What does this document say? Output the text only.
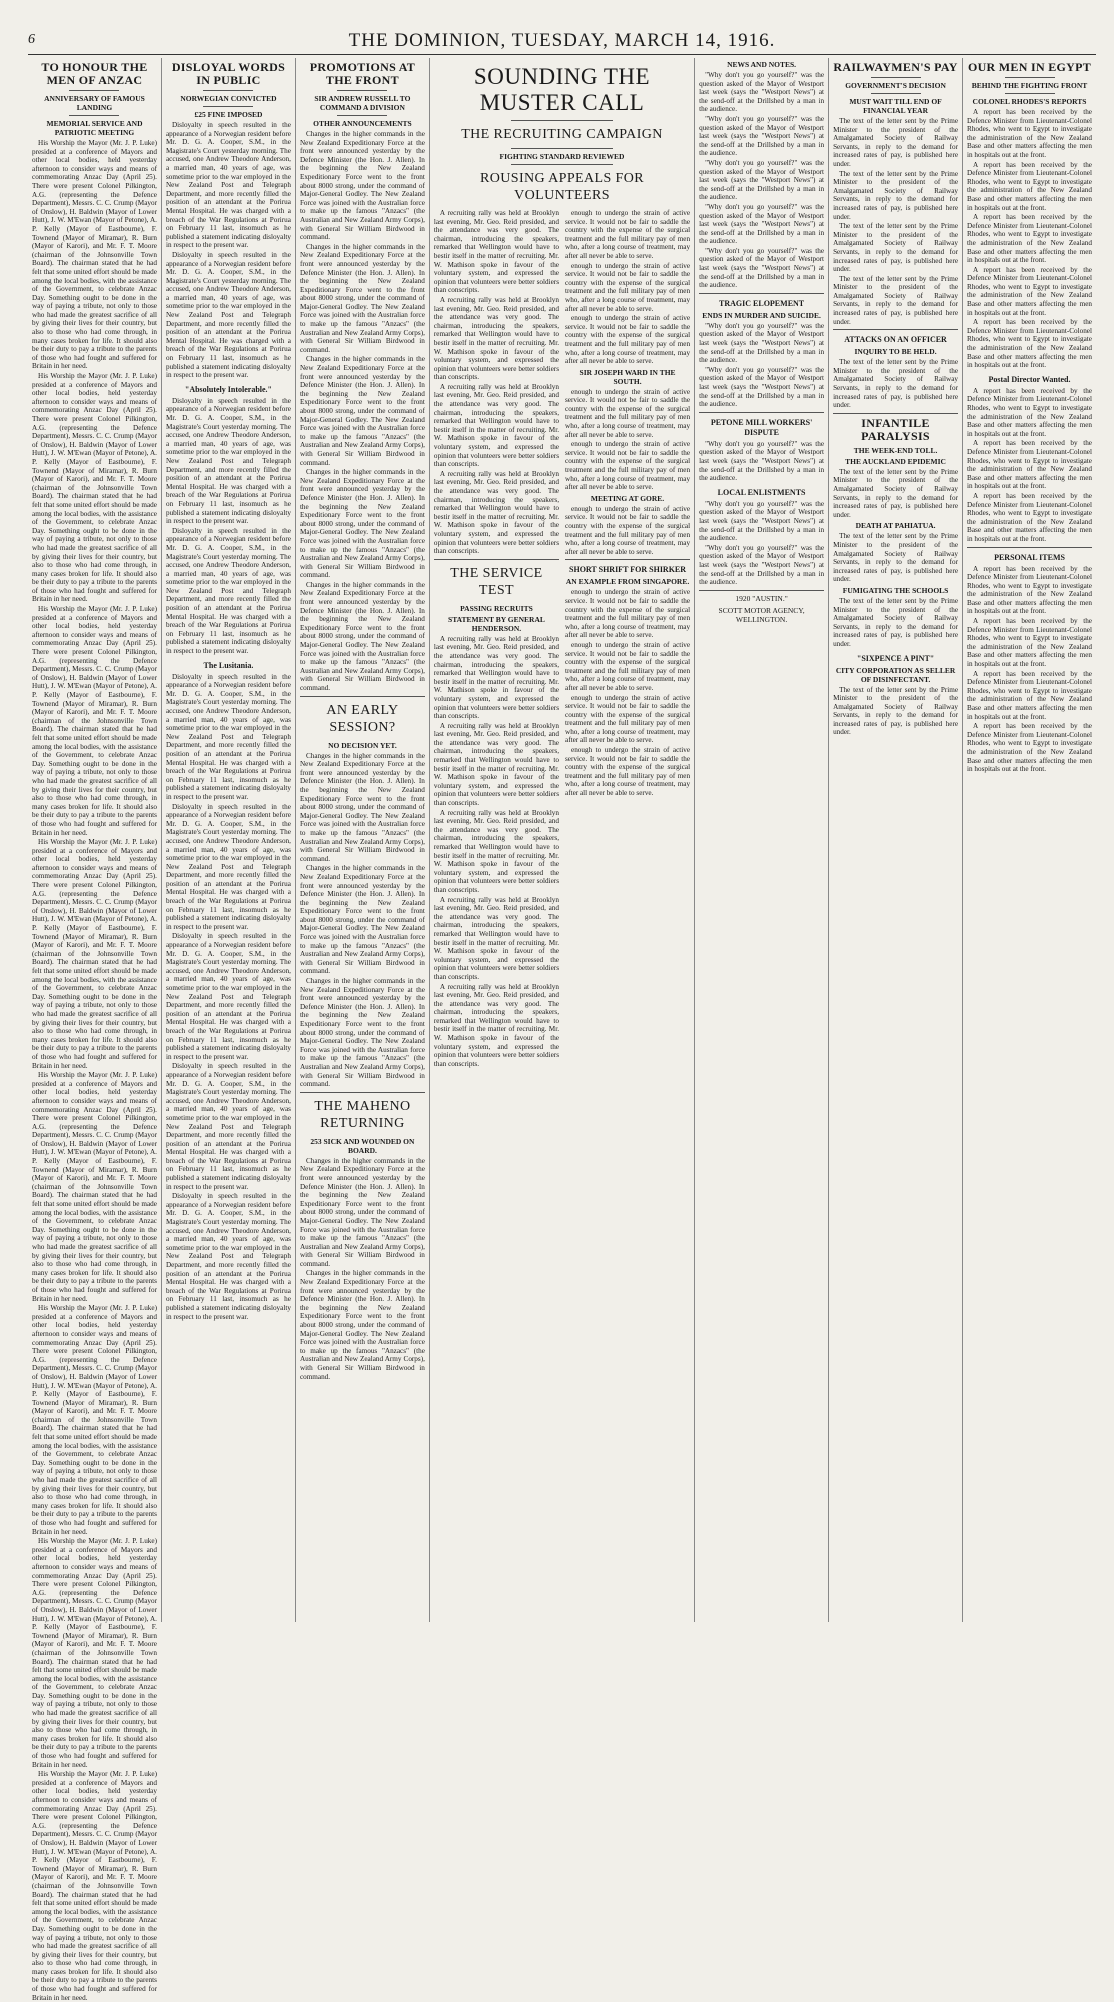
6	THE DOMINION, TUESDAY, MARCH 14, 1916.
TO HONOUR THE MEN OF ANZAC
ANNIVERSARY OF FAMOUS LANDING
MEMORIAL SERVICE AND PATRIOTIC MEETING

His Worship the Mayor (Mr. J. P. Luke) presided at a conference of Mayors and other local bodies, held yesterday afternoon to consider ways and means of commemorating Anzac Day (April 25). There were present Colonel Pilkington, A.G. (representing the Defence Department), Messrs. C. C. Crump (Mayor of Onslow), H. Baldwin (Mayor of Lower Hutt), J. W. M'Ewan (Mayor of Petone), A. P. Kelly (Mayor of Eastbourne), F. Townend (Mayor of Miramar), R. Burn (Mayor of Karori), and Mr. F. T. Moore (chairman of the Johnsonville Town Board). The chairman stated that he had felt that some united effort should be made among the local bodies, with the assistance of the Government, to celebrate Anzac Day. Something ought to be done in the way of paying a tribute, not only to those who had made the greatest sacrifice of all by giving their lives for their country, but also to those who had come through, in many cases broken for life. It should also be their duty to pay a tribute to the parents of those who had fought and suffered for Britain in her need.

His Worship the Mayor (Mr. J. P. Luke) presided at a conference of Mayors and other local bodies, held yesterday afternoon to consider ways and means of commemorating Anzac Day (April 25). There were present Colonel Pilkington, A.G. (representing the Defence Department), Messrs. C. C. Crump (Mayor of Onslow), H. Baldwin (Mayor of Lower Hutt), J. W. M'Ewan (Mayor of Petone), A. P. Kelly (Mayor of Eastbourne), F. Townend (Mayor of Miramar), R. Burn (Mayor of Karori), and Mr. F. T. Moore (chairman of the Johnsonville Town Board). The chairman stated that he had felt that some united effort should be made among the local bodies, with the assistance of the Government, to celebrate Anzac Day. Something ought to be done in the way of paying a tribute, not only to those who had made the greatest sacrifice of all by giving their lives for their country, but also to those who had come through, in many cases broken for life. It should also be their duty to pay a tribute to the parents of those who had fought and suffered for Britain in her need.

His Worship the Mayor (Mr. J. P. Luke) presided at a conference of Mayors and other local bodies, held yesterday afternoon to consider ways and means of commemorating Anzac Day (April 25). There were present Colonel Pilkington, A.G. (representing the Defence Department), Messrs. C. C. Crump (Mayor of Onslow), H. Baldwin (Mayor of Lower Hutt), J. W. M'Ewan (Mayor of Petone), A. P. Kelly (Mayor of Eastbourne), F. Townend (Mayor of Miramar), R. Burn (Mayor of Karori), and Mr. F. T. Moore (chairman of the Johnsonville Town Board). The chairman stated that he had felt that some united effort should be made among the local bodies, with the assistance of the Government, to celebrate Anzac Day. Something ought to be done in the way of paying a tribute, not only to those who had made the greatest sacrifice of all by giving their lives for their country, but also to those who had come through, in many cases broken for life. It should also be their duty to pay a tribute to the parents of those who had fought and suffered for Britain in her need.

His Worship the Mayor (Mr. J. P. Luke) presided at a conference of Mayors and other local bodies, held yesterday afternoon to consider ways and means of commemorating Anzac Day (April 25). There were present Colonel Pilkington, A.G. (representing the Defence Department), Messrs. C. C. Crump (Mayor of Onslow), H. Baldwin (Mayor of Lower Hutt), J. W. M'Ewan (Mayor of Petone), A. P. Kelly (Mayor of Eastbourne), F. Townend (Mayor of Miramar), R. Burn (Mayor of Karori), and Mr. F. T. Moore (chairman of the Johnsonville Town Board). The chairman stated that he had felt that some united effort should be made among the local bodies, with the assistance of the Government, to celebrate Anzac Day. Something ought to be done in the way of paying a tribute, not only to those who had made the greatest sacrifice of all by giving their lives for their country, but also to those who had come through, in many cases broken for life. It should also be their duty to pay a tribute to the parents of those who had fought and suffered for Britain in her need.

His Worship the Mayor (Mr. J. P. Luke) presided at a conference of Mayors and other local bodies, held yesterday afternoon to consider ways and means of commemorating Anzac Day (April 25). There were present Colonel Pilkington, A.G. (representing the Defence Department), Messrs. C. C. Crump (Mayor of Onslow), H. Baldwin (Mayor of Lower Hutt), J. W. M'Ewan (Mayor of Petone), A. P. Kelly (Mayor of Eastbourne), F. Townend (Mayor of Miramar), R. Burn (Mayor of Karori), and Mr. F. T. Moore (chairman of the Johnsonville Town Board). The chairman stated that he had felt that some united effort should be made among the local bodies, with the assistance of the Government, to celebrate Anzac Day. Something ought to be done in the way of paying a tribute, not only to those who had made the greatest sacrifice of all by giving their lives for their country, but also to those who had come through, in many cases broken for life. It should also be their duty to pay a tribute to the parents of those who had fought and suffered for Britain in her need.

His Worship the Mayor (Mr. J. P. Luke) presided at a conference of Mayors and other local bodies, held yesterday afternoon to consider ways and means of commemorating Anzac Day (April 25). There were present Colonel Pilkington, A.G. (representing the Defence Department), Messrs. C. C. Crump (Mayor of Onslow), H. Baldwin (Mayor of Lower Hutt), J. W. M'Ewan (Mayor of Petone), A. P. Kelly (Mayor of Eastbourne), F. Townend (Mayor of Miramar), R. Burn (Mayor of Karori), and Mr. F. T. Moore (chairman of the Johnsonville Town Board). The chairman stated that he had felt that some united effort should be made among the local bodies, with the assistance of the Government, to celebrate Anzac Day. Something ought to be done in the way of paying a tribute, not only to those who had made the greatest sacrifice of all by giving their lives for their country, but also to those who had come through, in many cases broken for life. It should also be their duty to pay a tribute to the parents of those who had fought and suffered for Britain in her need.

His Worship the Mayor (Mr. J. P. Luke) presided at a conference of Mayors and other local bodies, held yesterday afternoon to consider ways and means of commemorating Anzac Day (April 25). There were present Colonel Pilkington, A.G. (representing the Defence Department), Messrs. C. C. Crump (Mayor of Onslow), H. Baldwin (Mayor of Lower Hutt), J. W. M'Ewan (Mayor of Petone), A. P. Kelly (Mayor of Eastbourne), F. Townend (Mayor of Miramar), R. Burn (Mayor of Karori), and Mr. F. T. Moore (chairman of the Johnsonville Town Board). The chairman stated that he had felt that some united effort should be made among the local bodies, with the assistance of the Government, to celebrate Anzac Day. Something ought to be done in the way of paying a tribute, not only to those who had made the greatest sacrifice of all by giving their lives for their country, but also to those who had come through, in many cases broken for life. It should also be their duty to pay a tribute to the parents of those who had fought and suffered for Britain in her need.

His Worship the Mayor (Mr. J. P. Luke) presided at a conference of Mayors and other local bodies, held yesterday afternoon to consider ways and means of commemorating Anzac Day (April 25). There were present Colonel Pilkington, A.G. (representing the Defence Department), Messrs. C. C. Crump (Mayor of Onslow), H. Baldwin (Mayor of Lower Hutt), J. W. M'Ewan (Mayor of Petone), A. P. Kelly (Mayor of Eastbourne), F. Townend (Mayor of Miramar), R. Burn (Mayor of Karori), and Mr. F. T. Moore (chairman of the Johnsonville Town Board). The chairman stated that he had felt that some united effort should be made among the local bodies, with the assistance of the Government, to celebrate Anzac Day. Something ought to be done in the way of paying a tribute, not only to those who had made the greatest sacrifice of all by giving their lives for their country, but also to those who had come through, in many cases broken for life. It should also be their duty to pay a tribute to the parents of those who had fought and suffered for Britain in her need.

DISLOYAL WORDS IN PUBLIC
NORWEGIAN CONVICTED
£25 FINE IMPOSED

Disloyalty in speech resulted in the appearance of a Norwegian resident before Mr. D. G. A. Cooper, S.M., in the Magistrate's Court yesterday morning. The accused, one Andrew Theodore Anderson, a married man, 40 years of age, was sometime prior to the war employed in the New Zealand Post and Telegraph Department, and more recently filled the position of an attendant at the Porirua Mental Hospital. He was charged with a breach of the War Regulations at Porirua on February 11 last, insomuch as he published a statement indicating disloyalty in respect to the present war.

Disloyalty in speech resulted in the appearance of a Norwegian resident before Mr. D. G. A. Cooper, S.M., in the Magistrate's Court yesterday morning. The accused, one Andrew Theodore Anderson, a married man, 40 years of age, was sometime prior to the war employed in the New Zealand Post and Telegraph Department, and more recently filled the position of an attendant at the Porirua Mental Hospital. He was charged with a breach of the War Regulations at Porirua on February 11 last, insomuch as he published a statement indicating disloyalty in respect to the present war.

"Absolutely Intolerable."

Disloyalty in speech resulted in the appearance of a Norwegian resident before Mr. D. G. A. Cooper, S.M., in the Magistrate's Court yesterday morning. The accused, one Andrew Theodore Anderson, a married man, 40 years of age, was sometime prior to the war employed in the New Zealand Post and Telegraph Department, and more recently filled the position of an attendant at the Porirua Mental Hospital. He was charged with a breach of the War Regulations at Porirua on February 11 last, insomuch as he published a statement indicating disloyalty in respect to the present war.

Disloyalty in speech resulted in the appearance of a Norwegian resident before Mr. D. G. A. Cooper, S.M., in the Magistrate's Court yesterday morning. The accused, one Andrew Theodore Anderson, a married man, 40 years of age, was sometime prior to the war employed in the New Zealand Post and Telegraph Department, and more recently filled the position of an attendant at the Porirua Mental Hospital. He was charged with a breach of the War Regulations at Porirua on February 11 last, insomuch as he published a statement indicating disloyalty in respect to the present war.

The Lusitania.

Disloyalty in speech resulted in the appearance of a Norwegian resident before Mr. D. G. A. Cooper, S.M., in the Magistrate's Court yesterday morning. The accused, one Andrew Theodore Anderson, a married man, 40 years of age, was sometime prior to the war employed in the New Zealand Post and Telegraph Department, and more recently filled the position of an attendant at the Porirua Mental Hospital. He was charged with a breach of the War Regulations at Porirua on February 11 last, insomuch as he published a statement indicating disloyalty in respect to the present war.

Disloyalty in speech resulted in the appearance of a Norwegian resident before Mr. D. G. A. Cooper, S.M., in the Magistrate's Court yesterday morning. The accused, one Andrew Theodore Anderson, a married man, 40 years of age, was sometime prior to the war employed in the New Zealand Post and Telegraph Department, and more recently filled the position of an attendant at the Porirua Mental Hospital. He was charged with a breach of the War Regulations at Porirua on February 11 last, insomuch as he published a statement indicating disloyalty in respect to the present war.

Disloyalty in speech resulted in the appearance of a Norwegian resident before Mr. D. G. A. Cooper, S.M., in the Magistrate's Court yesterday morning. The accused, one Andrew Theodore Anderson, a married man, 40 years of age, was sometime prior to the war employed in the New Zealand Post and Telegraph Department, and more recently filled the position of an attendant at the Porirua Mental Hospital. He was charged with a breach of the War Regulations at Porirua on February 11 last, insomuch as he published a statement indicating disloyalty in respect to the present war.

Disloyalty in speech resulted in the appearance of a Norwegian resident before Mr. D. G. A. Cooper, S.M., in the Magistrate's Court yesterday morning. The accused, one Andrew Theodore Anderson, a married man, 40 years of age, was sometime prior to the war employed in the New Zealand Post and Telegraph Department, and more recently filled the position of an attendant at the Porirua Mental Hospital. He was charged with a breach of the War Regulations at Porirua on February 11 last, insomuch as he published a statement indicating disloyalty in respect to the present war.

Disloyalty in speech resulted in the appearance of a Norwegian resident before Mr. D. G. A. Cooper, S.M., in the Magistrate's Court yesterday morning. The accused, one Andrew Theodore Anderson, a married man, 40 years of age, was sometime prior to the war employed in the New Zealand Post and Telegraph Department, and more recently filled the position of an attendant at the Porirua Mental Hospital. He was charged with a breach of the War Regulations at Porirua on February 11 last, insomuch as he published a statement indicating disloyalty in respect to the present war.

PROMOTIONS AT THE FRONT
SIR ANDREW RUSSELL TO COMMAND A DIVISION
OTHER ANNOUNCEMENTS

Changes in the higher commands in the New Zealand Expeditionary Force at the front were announced yesterday by the Defence Minister (the Hon. J. Allen). In the beginning the New Zealand Expeditionary Force went to the front about 8000 strong, under the command of Major-General Godley. The New Zealand Force was joined with the Australian force to make up the famous "Anzacs" (the Australian and New Zealand Army Corps), with General Sir William Birdwood in command.

Changes in the higher commands in the New Zealand Expeditionary Force at the front were announced yesterday by the Defence Minister (the Hon. J. Allen). In the beginning the New Zealand Expeditionary Force went to the front about 8000 strong, under the command of Major-General Godley. The New Zealand Force was joined with the Australian force to make up the famous "Anzacs" (the Australian and New Zealand Army Corps), with General Sir William Birdwood in command.

Changes in the higher commands in the New Zealand Expeditionary Force at the front were announced yesterday by the Defence Minister (the Hon. J. Allen). In the beginning the New Zealand Expeditionary Force went to the front about 8000 strong, under the command of Major-General Godley. The New Zealand Force was joined with the Australian force to make up the famous "Anzacs" (the Australian and New Zealand Army Corps), with General Sir William Birdwood in command.

Changes in the higher commands in the New Zealand Expeditionary Force at the front were announced yesterday by the Defence Minister (the Hon. J. Allen). In the beginning the New Zealand Expeditionary Force went to the front about 8000 strong, under the command of Major-General Godley. The New Zealand Force was joined with the Australian force to make up the famous "Anzacs" (the Australian and New Zealand Army Corps), with General Sir William Birdwood in command.

Changes in the higher commands in the New Zealand Expeditionary Force at the front were announced yesterday by the Defence Minister (the Hon. J. Allen). In the beginning the New Zealand Expeditionary Force went to the front about 8000 strong, under the command of Major-General Godley. The New Zealand Force was joined with the Australian force to make up the famous "Anzacs" (the Australian and New Zealand Army Corps), with General Sir William Birdwood in command.

AN EARLY SESSION?
NO DECISION YET.

Changes in the higher commands in the New Zealand Expeditionary Force at the front were announced yesterday by the Defence Minister (the Hon. J. Allen). In the beginning the New Zealand Expeditionary Force went to the front about 8000 strong, under the command of Major-General Godley. The New Zealand Force was joined with the Australian force to make up the famous "Anzacs" (the Australian and New Zealand Army Corps), with General Sir William Birdwood in command.

Changes in the higher commands in the New Zealand Expeditionary Force at the front were announced yesterday by the Defence Minister (the Hon. J. Allen). In the beginning the New Zealand Expeditionary Force went to the front about 8000 strong, under the command of Major-General Godley. The New Zealand Force was joined with the Australian force to make up the famous "Anzacs" (the Australian and New Zealand Army Corps), with General Sir William Birdwood in command.

Changes in the higher commands in the New Zealand Expeditionary Force at the front were announced yesterday by the Defence Minister (the Hon. J. Allen). In the beginning the New Zealand Expeditionary Force went to the front about 8000 strong, under the command of Major-General Godley. The New Zealand Force was joined with the Australian force to make up the famous "Anzacs" (the Australian and New Zealand Army Corps), with General Sir William Birdwood in command.

THE MAHENO RETURNING
253 SICK AND WOUNDED ON BOARD.

Changes in the higher commands in the New Zealand Expeditionary Force at the front were announced yesterday by the Defence Minister (the Hon. J. Allen). In the beginning the New Zealand Expeditionary Force went to the front about 8000 strong, under the command of Major-General Godley. The New Zealand Force was joined with the Australian force to make up the famous "Anzacs" (the Australian and New Zealand Army Corps), with General Sir William Birdwood in command.

Changes in the higher commands in the New Zealand Expeditionary Force at the front were announced yesterday by the Defence Minister (the Hon. J. Allen). In the beginning the New Zealand Expeditionary Force went to the front about 8000 strong, under the command of Major-General Godley. The New Zealand Force was joined with the Australian force to make up the famous "Anzacs" (the Australian and New Zealand Army Corps), with General Sir William Birdwood in command.

SOUNDING THE MUSTER CALL
THE RECRUITING CAMPAIGN
FIGHTING STANDARD REVIEWED
ROUSING APPEALS FOR VOLUNTEERS

A recruiting rally was held at Brooklyn last evening, Mr. Geo. Reid presided, and the attendance was very good. The chairman, introducing the speakers, remarked that Wellington would have to bestir itself in the matter of recruiting. Mr. W. Mathison spoke in favour of the voluntary system, and expressed the opinion that volunteers were better soldiers than conscripts.

A recruiting rally was held at Brooklyn last evening, Mr. Geo. Reid presided, and the attendance was very good. The chairman, introducing the speakers, remarked that Wellington would have to bestir itself in the matter of recruiting. Mr. W. Mathison spoke in favour of the voluntary system, and expressed the opinion that volunteers were better soldiers than conscripts.

A recruiting rally was held at Brooklyn last evening, Mr. Geo. Reid presided, and the attendance was very good. The chairman, introducing the speakers, remarked that Wellington would have to bestir itself in the matter of recruiting. Mr. W. Mathison spoke in favour of the voluntary system, and expressed the opinion that volunteers were better soldiers than conscripts.

A recruiting rally was held at Brooklyn last evening, Mr. Geo. Reid presided, and the attendance was very good. The chairman, introducing the speakers, remarked that Wellington would have to bestir itself in the matter of recruiting. Mr. W. Mathison spoke in favour of the voluntary system, and expressed the opinion that volunteers were better soldiers than conscripts.

THE SERVICE TEST
PASSING RECRUITS
STATEMENT BY GENERAL HENDERSON.

A recruiting rally was held at Brooklyn last evening, Mr. Geo. Reid presided, and the attendance was very good. The chairman, introducing the speakers, remarked that Wellington would have to bestir itself in the matter of recruiting. Mr. W. Mathison spoke in favour of the voluntary system, and expressed the opinion that volunteers were better soldiers than conscripts.

A recruiting rally was held at Brooklyn last evening, Mr. Geo. Reid presided, and the attendance was very good. The chairman, introducing the speakers, remarked that Wellington would have to bestir itself in the matter of recruiting. Mr. W. Mathison spoke in favour of the voluntary system, and expressed the opinion that volunteers were better soldiers than conscripts.

A recruiting rally was held at Brooklyn last evening, Mr. Geo. Reid presided, and the attendance was very good. The chairman, introducing the speakers, remarked that Wellington would have to bestir itself in the matter of recruiting. Mr. W. Mathison spoke in favour of the voluntary system, and expressed the opinion that volunteers were better soldiers than conscripts.

A recruiting rally was held at Brooklyn last evening, Mr. Geo. Reid presided, and the attendance was very good. The chairman, introducing the speakers, remarked that Wellington would have to bestir itself in the matter of recruiting. Mr. W. Mathison spoke in favour of the voluntary system, and expressed the opinion that volunteers were better soldiers than conscripts.

A recruiting rally was held at Brooklyn last evening, Mr. Geo. Reid presided, and the attendance was very good. The chairman, introducing the speakers, remarked that Wellington would have to bestir itself in the matter of recruiting. Mr. W. Mathison spoke in favour of the voluntary system, and expressed the opinion that volunteers were better soldiers than conscripts.

enough to undergo the strain of active service. It would not be fair to saddle the country with the expense of the surgical treatment and the full military pay of men who, after a long course of treatment, may after all never be able to serve.

enough to undergo the strain of active service. It would not be fair to saddle the country with the expense of the surgical treatment and the full military pay of men who, after a long course of treatment, may after all never be able to serve.

enough to undergo the strain of active service. It would not be fair to saddle the country with the expense of the surgical treatment and the full military pay of men who, after a long course of treatment, may after all never be able to serve.

SIR JOSEPH WARD IN THE SOUTH.

enough to undergo the strain of active service. It would not be fair to saddle the country with the expense of the surgical treatment and the full military pay of men who, after a long course of treatment, may after all never be able to serve.

enough to undergo the strain of active service. It would not be fair to saddle the country with the expense of the surgical treatment and the full military pay of men who, after a long course of treatment, may after all never be able to serve.

MEETING AT GORE.

enough to undergo the strain of active service. It would not be fair to saddle the country with the expense of the surgical treatment and the full military pay of men who, after a long course of treatment, may after all never be able to serve.

SHORT SHRIFT FOR SHIRKER
AN EXAMPLE FROM SINGAPORE.

enough to undergo the strain of active service. It would not be fair to saddle the country with the expense of the surgical treatment and the full military pay of men who, after a long course of treatment, may after all never be able to serve.

enough to undergo the strain of active service. It would not be fair to saddle the country with the expense of the surgical treatment and the full military pay of men who, after a long course of treatment, may after all never be able to serve.

enough to undergo the strain of active service. It would not be fair to saddle the country with the expense of the surgical treatment and the full military pay of men who, after a long course of treatment, may after all never be able to serve.

enough to undergo the strain of active service. It would not be fair to saddle the country with the expense of the surgical treatment and the full military pay of men who, after a long course of treatment, may after all never be able to serve.

NEWS AND NOTES.

"Why don't you go yourself?" was the question asked of the Mayor of Westport last week (says the "Westport News") at the send-off at the Drillshed by a man in the audience.

"Why don't you go yourself?" was the question asked of the Mayor of Westport last week (says the "Westport News") at the send-off at the Drillshed by a man in the audience.

"Why don't you go yourself?" was the question asked of the Mayor of Westport last week (says the "Westport News") at the send-off at the Drillshed by a man in the audience.

"Why don't you go yourself?" was the question asked of the Mayor of Westport last week (says the "Westport News") at the send-off at the Drillshed by a man in the audience.

"Why don't you go yourself?" was the question asked of the Mayor of Westport last week (says the "Westport News") at the send-off at the Drillshed by a man in the audience.

TRAGIC ELOPEMENT
ENDS IN MURDER AND SUICIDE.

"Why don't you go yourself?" was the question asked of the Mayor of Westport last week (says the "Westport News") at the send-off at the Drillshed by a man in the audience.

"Why don't you go yourself?" was the question asked of the Mayor of Westport last week (says the "Westport News") at the send-off at the Drillshed by a man in the audience.

PETONE MILL WORKERS' DISPUTE

"Why don't you go yourself?" was the question asked of the Mayor of Westport last week (says the "Westport News") at the send-off at the Drillshed by a man in the audience.

LOCAL ENLISTMENTS

"Why don't you go yourself?" was the question asked of the Mayor of Westport last week (says the "Westport News") at the send-off at the Drillshed by a man in the audience.

"Why don't you go yourself?" was the question asked of the Mayor of Westport last week (says the "Westport News") at the send-off at the Drillshed by a man in the audience.

1920 "AUSTIN."
SCOTT MOTOR AGENCY, WELLINGTON.
RAILWAYMEN'S PAY
GOVERNMENT'S DECISION
MUST WAIT TILL END OF FINANCIAL YEAR

The text of the letter sent by the Prime Minister to the president of the Amalgamated Society of Railway Servants, in reply to the demand for increased rates of pay, is published here under.

The text of the letter sent by the Prime Minister to the president of the Amalgamated Society of Railway Servants, in reply to the demand for increased rates of pay, is published here under.

The text of the letter sent by the Prime Minister to the president of the Amalgamated Society of Railway Servants, in reply to the demand for increased rates of pay, is published here under.

The text of the letter sent by the Prime Minister to the president of the Amalgamated Society of Railway Servants, in reply to the demand for increased rates of pay, is published here under.

ATTACKS ON AN OFFICER
INQUIRY TO BE HELD.

The text of the letter sent by the Prime Minister to the president of the Amalgamated Society of Railway Servants, in reply to the demand for increased rates of pay, is published here under.

INFANTILE PARALYSIS
THE WEEK-END TOLL.
THE AUCKLAND EPIDEMIC

The text of the letter sent by the Prime Minister to the president of the Amalgamated Society of Railway Servants, in reply to the demand for increased rates of pay, is published here under.

DEATH AT PAHIATUA.

The text of the letter sent by the Prime Minister to the president of the Amalgamated Society of Railway Servants, in reply to the demand for increased rates of pay, is published here under.

FUMIGATING THE SCHOOLS

The text of the letter sent by the Prime Minister to the president of the Amalgamated Society of Railway Servants, in reply to the demand for increased rates of pay, is published here under.

"SIXPENCE A PINT"
CITY CORPORATION AS SELLER OF DISINFECTANT.

The text of the letter sent by the Prime Minister to the president of the Amalgamated Society of Railway Servants, in reply to the demand for increased rates of pay, is published here under.

OUR MEN IN EGYPT
BEHIND THE FIGHTING FRONT
COLONEL RHODES'S REPORTS

A report has been received by the Defence Minister from Lieutenant-Colonel Rhodes, who went to Egypt to investigate the administration of the New Zealand Base and other matters affecting the men in hospitals out at the front.

A report has been received by the Defence Minister from Lieutenant-Colonel Rhodes, who went to Egypt to investigate the administration of the New Zealand Base and other matters affecting the men in hospitals out at the front.

A report has been received by the Defence Minister from Lieutenant-Colonel Rhodes, who went to Egypt to investigate the administration of the New Zealand Base and other matters affecting the men in hospitals out at the front.

A report has been received by the Defence Minister from Lieutenant-Colonel Rhodes, who went to Egypt to investigate the administration of the New Zealand Base and other matters affecting the men in hospitals out at the front.

A report has been received by the Defence Minister from Lieutenant-Colonel Rhodes, who went to Egypt to investigate the administration of the New Zealand Base and other matters affecting the men in hospitals out at the front.

Postal Director Wanted.

A report has been received by the Defence Minister from Lieutenant-Colonel Rhodes, who went to Egypt to investigate the administration of the New Zealand Base and other matters affecting the men in hospitals out at the front.

A report has been received by the Defence Minister from Lieutenant-Colonel Rhodes, who went to Egypt to investigate the administration of the New Zealand Base and other matters affecting the men in hospitals out at the front.

A report has been received by the Defence Minister from Lieutenant-Colonel Rhodes, who went to Egypt to investigate the administration of the New Zealand Base and other matters affecting the men in hospitals out at the front.

PERSONAL ITEMS

A report has been received by the Defence Minister from Lieutenant-Colonel Rhodes, who went to Egypt to investigate the administration of the New Zealand Base and other matters affecting the men in hospitals out at the front.

A report has been received by the Defence Minister from Lieutenant-Colonel Rhodes, who went to Egypt to investigate the administration of the New Zealand Base and other matters affecting the men in hospitals out at the front.

A report has been received by the Defence Minister from Lieutenant-Colonel Rhodes, who went to Egypt to investigate the administration of the New Zealand Base and other matters affecting the men in hospitals out at the front.

A report has been received by the Defence Minister from Lieutenant-Colonel Rhodes, who went to Egypt to investigate the administration of the New Zealand Base and other matters affecting the men in hospitals out at the front.
